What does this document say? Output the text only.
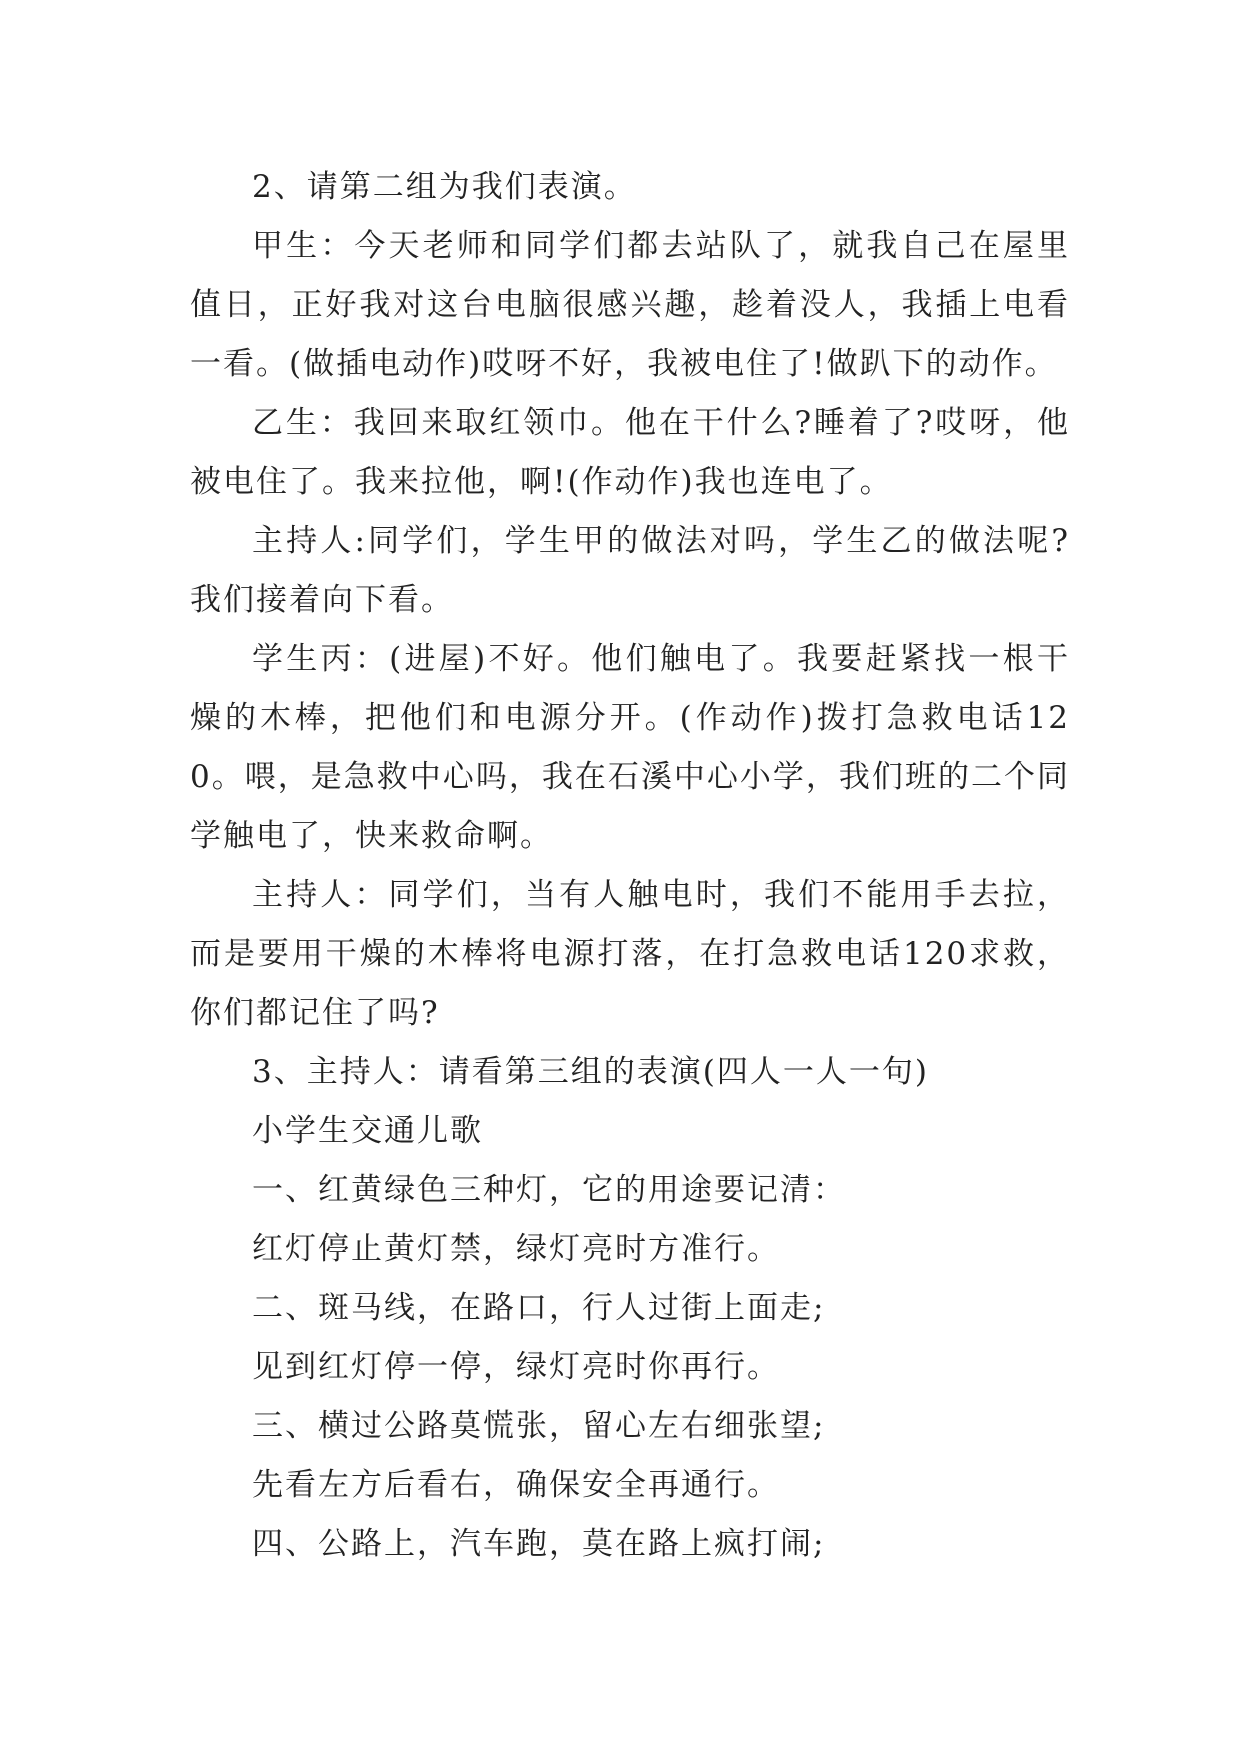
2、请第二组为我们表演。

甲生：今天老师和同学们都去站队了，就我自己在屋里值日，正好我对这台电脑很感兴趣，趁着没人，我插上电看一看。(做插电动作)哎呀不好，我被电住了!做趴下的动作。

乙生：我回来取红领巾。他在干什么?睡着了?哎呀，他被电住了。我来拉他，啊!(作动作)我也连电了。

主持人:同学们，学生甲的做法对吗，学生乙的做法呢?我们接着向下看。

学生丙：(进屋)不好。他们触电了。我要赶紧找一根干燥的木棒，把他们和电源分开。(作动作)拨打急救电话120。喂，是急救中心吗，我在石溪中心小学，我们班的二个同学触电了，快来救命啊。

主持人：同学们，当有人触电时，我们不能用手去拉，而是要用干燥的木棒将电源打落，在打急救电话120求救，你们都记住了吗?

3、主持人：请看第三组的表演(四人一人一句)

小学生交通儿歌

一、红黄绿色三种灯，它的用途要记清：

红灯停止黄灯禁，绿灯亮时方准行。

二、斑马线，在路口，行人过街上面走;

见到红灯停一停，绿灯亮时你再行。

三、横过公路莫慌张，留心左右细张望;

先看左方后看右，确保安全再通行。

四、公路上，汽车跑，莫在路上疯打闹;
